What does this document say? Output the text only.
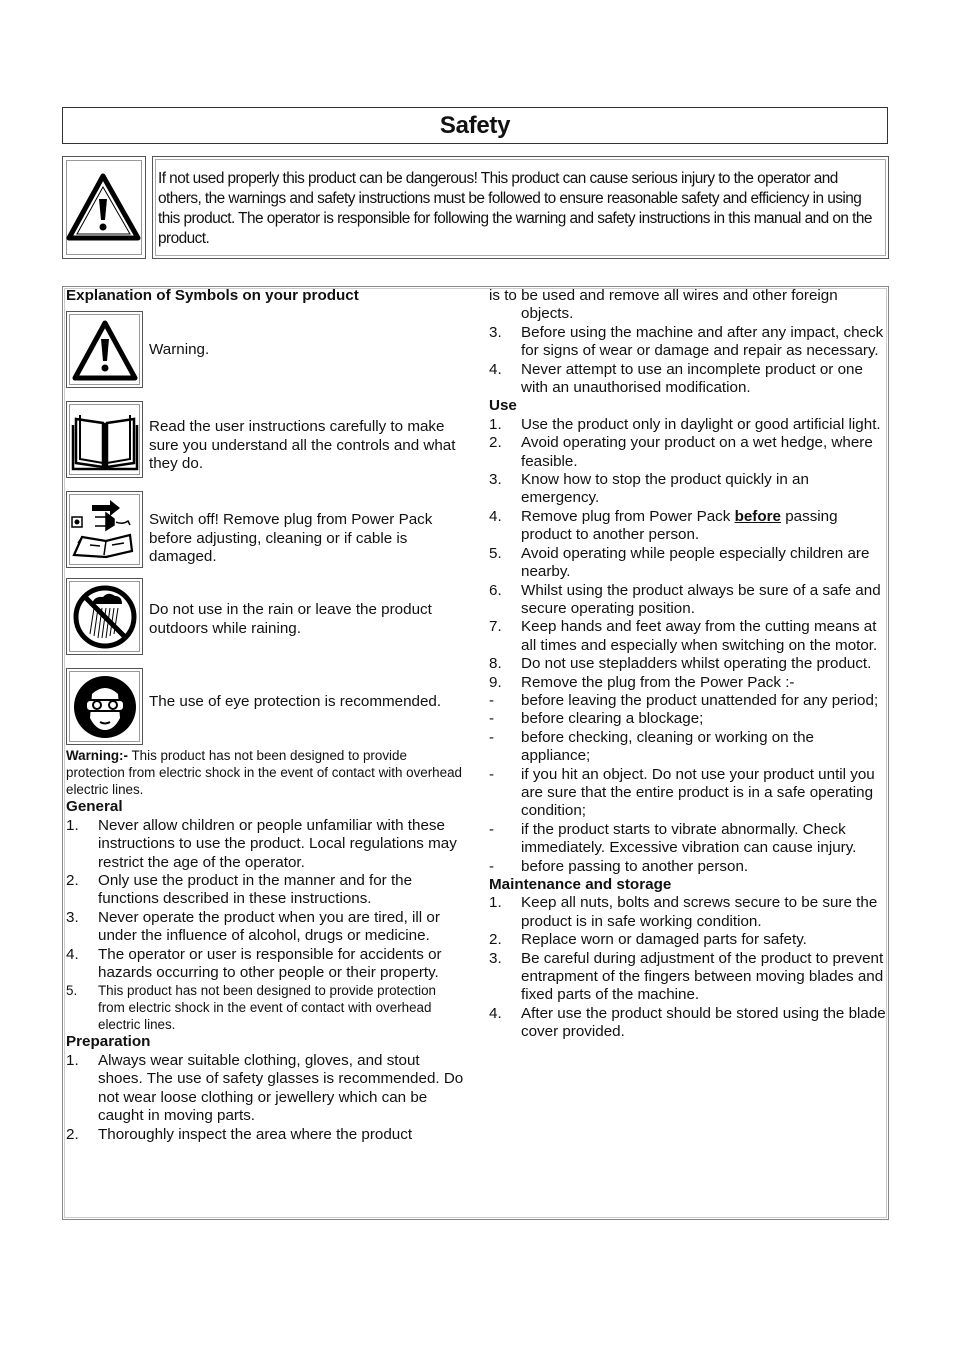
Safety
If not used properly this product can be dangerous! This product can cause serious injury to the operator and others, the warnings and safety instructions must be followed to ensure reasonable safety and efficiency in using this product. The operator is responsible for following the warning and safety instructions in this manual and on the product.
Explanation of Symbols on your product
Warning.
Read the user instructions carefully to make sure you understand all the controls and what they do.
Switch off! Remove plug from Power Pack before adjusting, cleaning or if cable is damaged.
Do not use in the rain or leave the product outdoors while raining.
The use of eye protection is recommended.
Warning:- This product has not been designed to provide protection from electric shock in the event of contact with overhead electric lines.
General
1. Never allow children or people unfamiliar with these instructions to use the product. Local regulations may restrict the age of the operator.
2. Only use the product in the manner and for the functions described in these instructions.
3. Never operate the product when you are tired, ill or under the influence of alcohol, drugs or medicine.
4. The operator or user is responsible for accidents or hazards occurring to other people or their property.
5. This product has not been designed to provide protection from electric shock in the event of contact with overhead electric lines.
Preparation
1. Always wear suitable clothing, gloves, and stout shoes. The use of safety glasses is recommended. Do not wear loose clothing or jewellery which can be caught in moving parts.
2. Thoroughly inspect the area where the product
is to be used and remove all wires and other foreign
objects.
3. Before using the machine and after any impact, check for signs of wear or damage and repair as necessary.
4. Never attempt to use an incomplete product or one with an unauthorised modification.
Use
1. Use the product only in daylight or good artificial light.
2. Avoid operating your product on a wet hedge, where feasible.
3. Know how to stop the product quickly in an emergency.
4. Remove plug from Power Pack before passing product to another person.
5. Avoid operating while people especially children are nearby.
6. Whilst using the product always be sure of a safe and secure operating position.
7. Keep hands and feet away from the cutting means at all times and especially when switching on the motor.
8. Do not use stepladders whilst operating the product.
9. Remove the plug from the Power Pack :-
- before leaving the product unattended for any period;
- before clearing a blockage;
- before checking, cleaning or working on the appliance;
- if you hit an object. Do not use your product until you are sure that the entire product is in a safe operating condition;
- if the product starts to vibrate abnormally. Check immediately. Excessive vibration can cause injury.
- before passing to another person.
Maintenance and storage
1. Keep all nuts, bolts and screws secure to be sure the product is in safe working condition.
2. Replace worn or damaged parts for safety.
3. Be careful during adjustment of the product to prevent entrapment of the fingers between moving blades and fixed parts of the machine.
4. After use the product should be stored using the blade cover provided.
